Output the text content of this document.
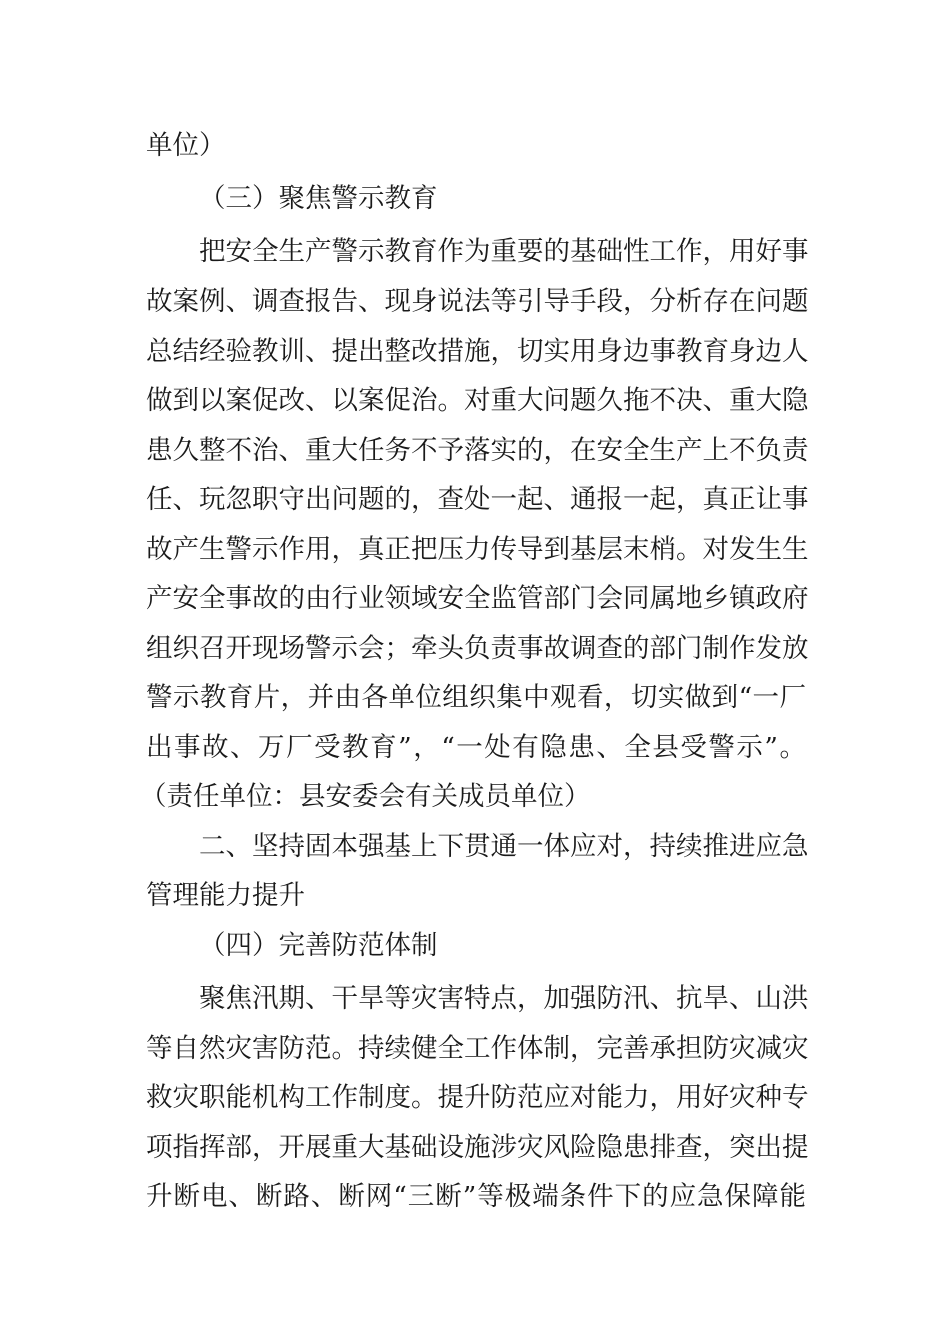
单位）
（三）聚焦警示教育
把安全生产警示教育作为重要的基础性工作，用好事
故案例、调查报告、现身说法等引导手段，分析存在问题
总结经验教训、提出整改措施，切实用身边事教育身边人
做到以案促改、以案促治。对重大问题久拖不决、重大隐
患久整不治、重大任务不予落实的，在安全生产上不负责
任、玩忽职守出问题的，查处一起、通报一起，真正让事
故产生警示作用，真正把压力传导到基层末梢。对发生生
产安全事故的由行业领域安全监管部门会同属地乡镇政府
组织召开现场警示会；牵头负责事故调查的部门制作发放
警示教育片，并由各单位组织集中观看，切实做到“一厂
出事故、万厂受教育”，“一处有隐患、全县受警示”。
（责任单位：县安委会有关成员单位）
二、坚持固本强基上下贯通一体应对，持续推进应急
管理能力提升
（四）完善防范体制
聚焦汛期、干旱等灾害特点，加强防汛、抗旱、山洪
等自然灾害防范。持续健全工作体制，完善承担防灾减灾
救灾职能机构工作制度。提升防范应对能力，用好灾种专
项指挥部，开展重大基础设施涉灾风险隐患排查，突出提
升断电、断路、断网“三断”等极端条件下的应急保障能
